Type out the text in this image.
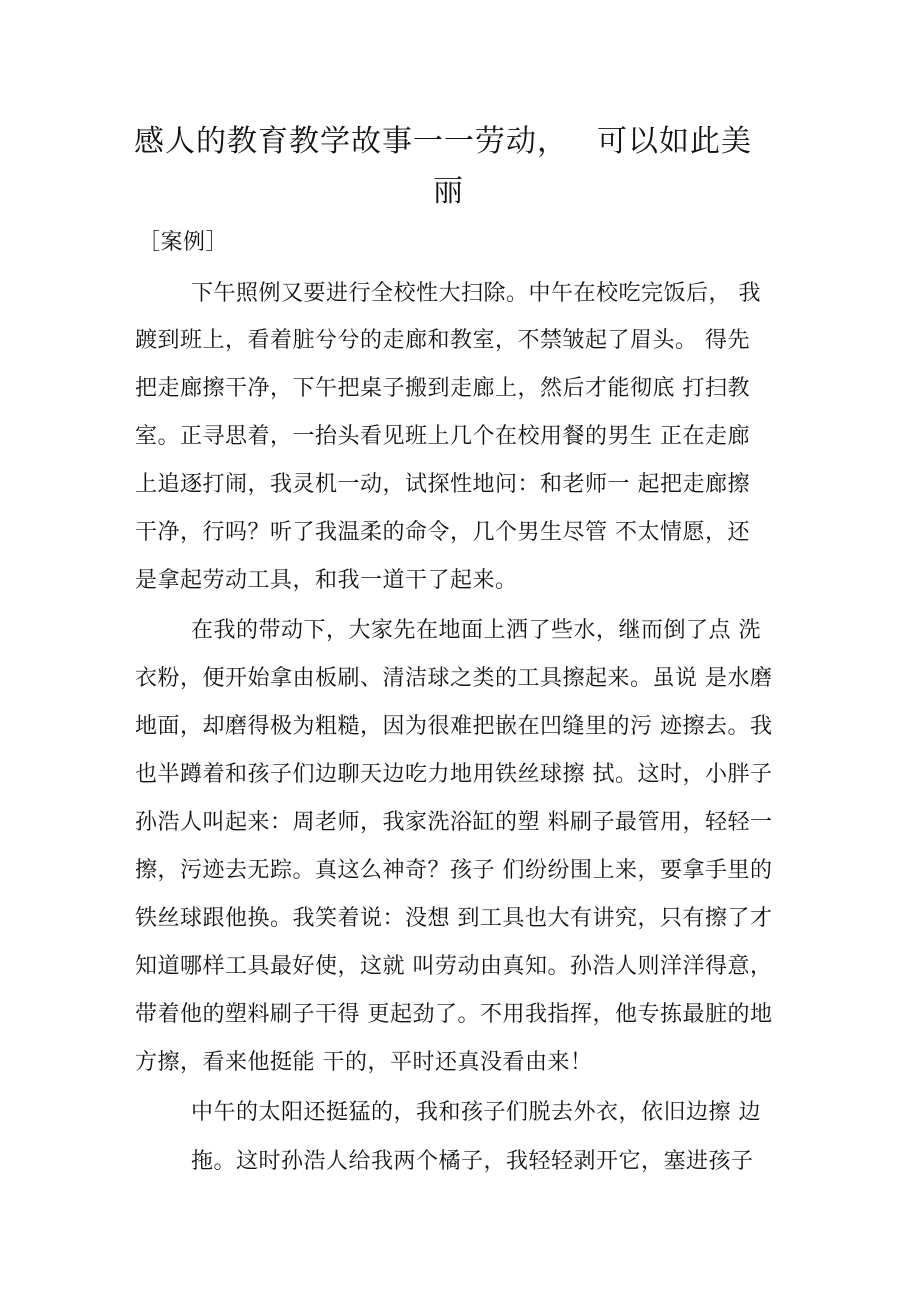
感人的教育教学故事一一劳动， 可以如此美
丽
［案例］
下午照例又要进行全校性大扫除。中午在校吃完饭后， 我
踱到班上，看着脏兮兮的走廊和教室，不禁皱起了眉头。 得先
把走廊擦干净，下午把桌子搬到走廊上，然后才能彻底 打扫教
室。正寻思着，一抬头看见班上几个在校用餐的男生 正在走廊
上追逐打闹，我灵机一动，试探性地问：和老师一 起把走廊擦
干净，行吗？听了我温柔的命令，几个男生尽管 不太情愿，还
是拿起劳动工具，和我一道干了起来。
在我的带动下，大家先在地面上洒了些水，继而倒了点 洗
衣粉，便开始拿由板刷、清洁球之类的工具擦起来。虽说 是水磨
地面，却磨得极为粗糙，因为很难把嵌在凹缝里的污 迹擦去。我
也半蹲着和孩子们边聊天边吃力地用铁丝球擦 拭。这时，小胖子
孙浩人叫起来：周老师，我家洗浴缸的塑 料刷子最管用，轻轻一
擦，污迹去无踪。真这么神奇？孩子 们纷纷围上来，要拿手里的
铁丝球跟他换。我笑着说：没想 到工具也大有讲究，只有擦了才
知道哪样工具最好使，这就 叫劳动由真知。孙浩人则洋洋得意，
带着他的塑料刷子干得 更起劲了。不用我指挥，他专拣最脏的地
方擦，看来他挺能 干的，平时还真没看由来！
中午的太阳还挺猛的，我和孩子们脱去外衣，依旧边擦 边
拖。这时孙浩人给我两个橘子，我轻轻剥开它，塞进孩子
